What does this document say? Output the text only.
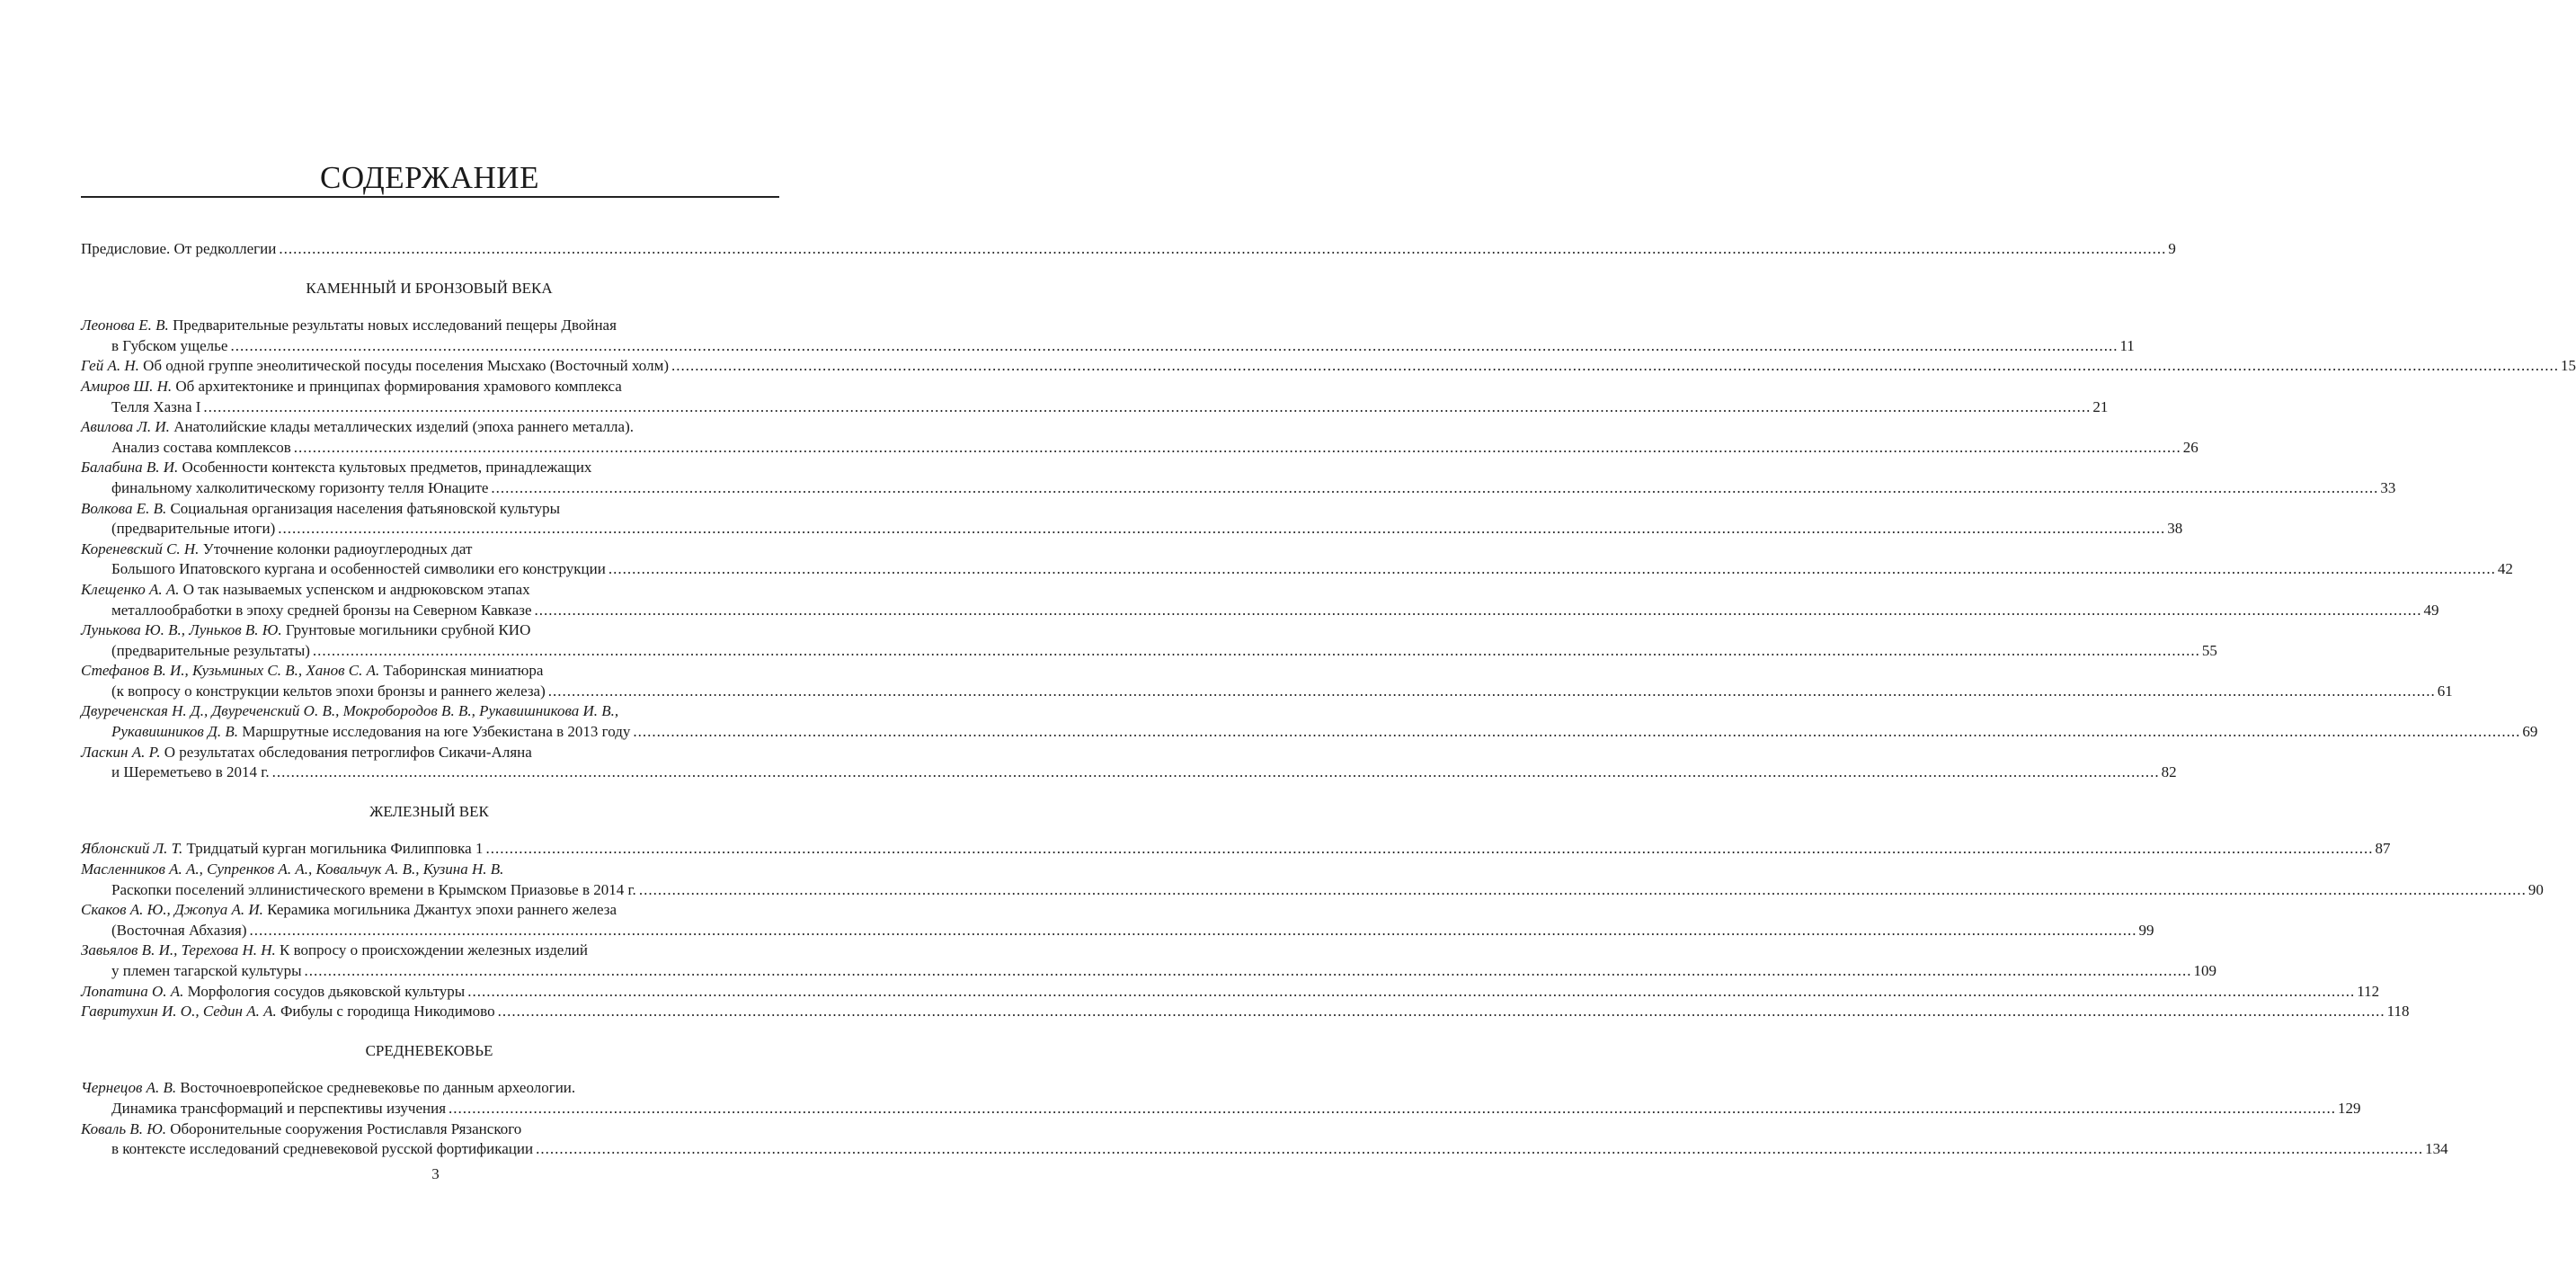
СОДЕРЖАНИЕ
Предисловие. От редколлегии ................................................................................................................................................................................................................................................................................................................................................................................................................ 9
КАМЕННЫЙ И БРОНЗОВЫЙ ВЕКА
Леонова Е. В. Предварительные результаты новых исследований пещеры Двойная
в Губском ущелье ................................................................................................................................................................................................................................................................................................................................................................................................................ 11
Гей А. Н. Об одной группе энеолитической посуды поселения Мысхако (Восточный холм) ................................................................................................................................................................................................................................................................................................................................................................................................................ 15
Амиров Ш. Н. Об архитектонике и принципах формирования храмового комплекса
Телля Хазна I ................................................................................................................................................................................................................................................................................................................................................................................................................ 21
Авилова Л. И. Анатолийские клады металлических изделий (эпоха раннего металла).
Анализ состава комплексов ................................................................................................................................................................................................................................................................................................................................................................................................................ 26
Балабина В. И. Особенности контекста культовых предметов, принадлежащих
финальному халколитическому горизонту телля Юнаците ................................................................................................................................................................................................................................................................................................................................................................................................................ 33
Волкова Е. В. Социальная организация населения фатьяновской культуры
(предварительные итоги) ................................................................................................................................................................................................................................................................................................................................................................................................................ 38
Кореневский С. Н. Уточнение колонки радиоуглеродных дат
Большого Ипатовского кургана и особенностей символики его конструкции ................................................................................................................................................................................................................................................................................................................................................................................................................ 42
Клещенко А. А. О так называемых успенском и андрюковском этапах
металлообработки в эпоху средней бронзы на Северном Кавказе ................................................................................................................................................................................................................................................................................................................................................................................................................ 49
Лунькова Ю. В., Луньков В. Ю. Грунтовые могильники срубной КИО
(предварительные результаты) ................................................................................................................................................................................................................................................................................................................................................................................................................ 55
Стефанов В. И., Кузьминых С. В., Ханов С. А. Таборинская миниатюра
(к вопросу о конструкции кельтов эпохи бронзы и раннего железа) ................................................................................................................................................................................................................................................................................................................................................................................................................ 61
Двуреченская Н. Д., Двуреченский О. В., Мокробородов В. В., Рукавишникова И. В.,
Рукавишников Д. В. Маршрутные исследования на юге Узбекистана в 2013 году ................................................................................................................................................................................................................................................................................................................................................................................................................ 69
Ласкин А. Р. О результатах обследования петроглифов Сикачи-Аляна
и Шереметьево в 2014 г. ................................................................................................................................................................................................................................................................................................................................................................................................................ 82
ЖЕЛЕЗНЫЙ ВЕК
Яблонский Л. Т. Тридцатый курган могильника Филипповка 1 ................................................................................................................................................................................................................................................................................................................................................................................................................ 87
Масленников А. А., Супренков А. А., Ковальчук А. В., Кузина Н. В.
Раскопки поселений эллинистического времени в Крымском Приазовье в 2014 г. ................................................................................................................................................................................................................................................................................................................................................................................................................ 90
Скаков А. Ю., Джопуа А. И. Керамика могильника Джантух эпохи раннего железа
(Восточная Абхазия) ................................................................................................................................................................................................................................................................................................................................................................................................................ 99
Завьялов В. И., Терехова Н. Н. К вопросу о происхождении железных изделий
у племен тагарской культуры ................................................................................................................................................................................................................................................................................................................................................................................................................ 109
Лопатина О. А. Морфология сосудов дьяковской культуры ................................................................................................................................................................................................................................................................................................................................................................................................................ 112
Гавритухин И. О., Седин А. А. Фибулы с городища Никодимово ................................................................................................................................................................................................................................................................................................................................................................................................................ 118
СРЕДНЕВЕКОВЬЕ
Чернецов А. В. Восточноевропейское средневековье по данным археологии.
Динамика трансформаций и перспективы изучения ................................................................................................................................................................................................................................................................................................................................................................................................................ 129
Коваль В. Ю. Оборонительные сооружения Ростиславля Рязанского
в контексте исследований средневековой русской фортификации ................................................................................................................................................................................................................................................................................................................................................................................................................ 134
3
